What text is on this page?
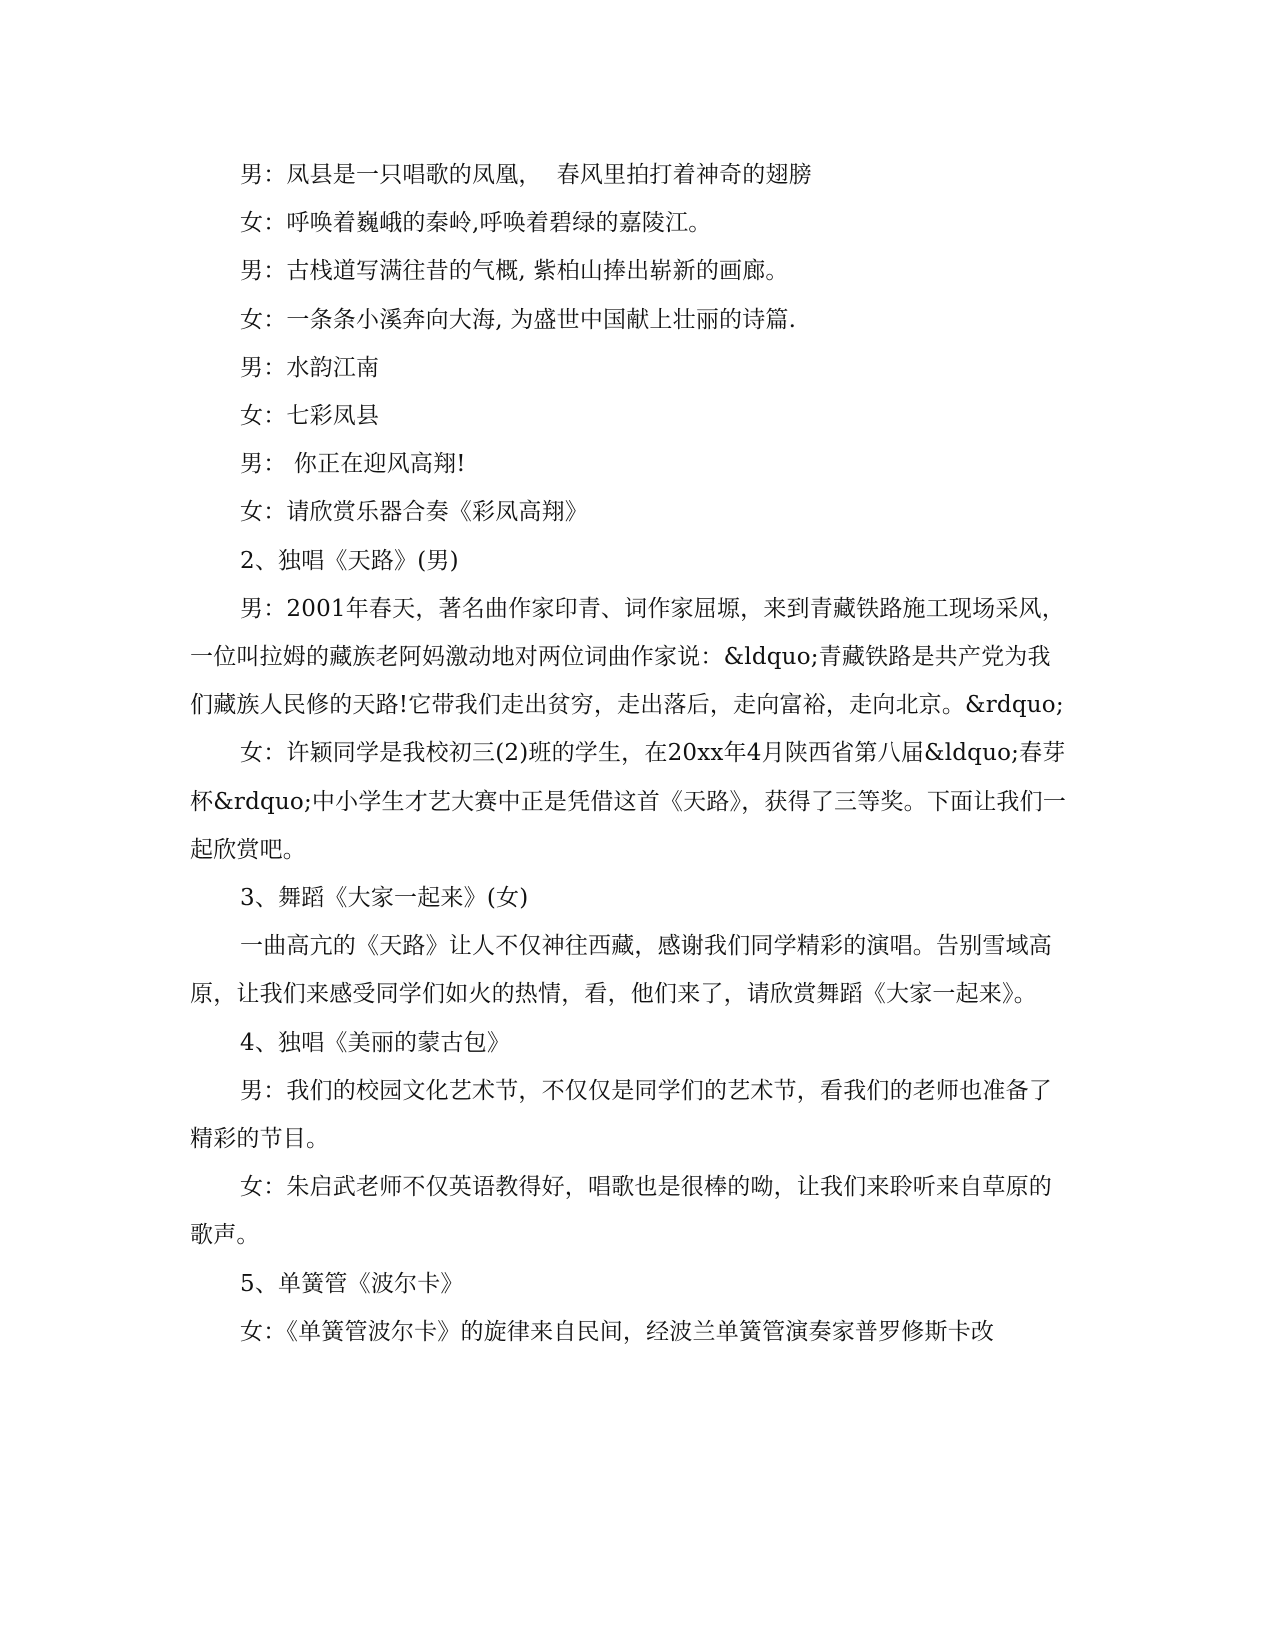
男：凤县是一只唱歌的凤凰，  春风里拍打着神奇的翅膀

女：呼唤着巍峨的秦岭,呼唤着碧绿的嘉陵江。

男：古栈道写满往昔的气概, 紫柏山捧出崭新的画廊。

女：一条条小溪奔向大海, 为盛世中国献上壮丽的诗篇.

男：水韵江南

女：七彩凤县

男： 你正在迎风高翔!

女：请欣赏乐器合奏《彩凤高翔》

2、独唱《天路》(男)

男：2001年春天，著名曲作家印青、词作家屈塬，来到青藏铁路施工现场采风，一位叫拉姆的藏族老阿妈激动地对两位词曲作家说：&ldquo;青藏铁路是共产党为我们藏族人民修的天路!它带我们走出贫穷，走出落后，走向富裕，走向北京。&rdquo;

女：许颖同学是我校初三(2)班的学生，在20xx年4月陕西省第八届&ldquo;春芽杯&rdquo;中小学生才艺大赛中正是凭借这首《天路》，获得了三等奖。下面让我们一起欣赏吧。

3、舞蹈《大家一起来》(女)

一曲高亢的《天路》让人不仅神往西藏，感谢我们同学精彩的演唱。告别雪域高原，让我们来感受同学们如火的热情，看，他们来了，请欣赏舞蹈《大家一起来》。

4、独唱《美丽的蒙古包》

男：我们的校园文化艺术节，不仅仅是同学们的艺术节，看我们的老师也准备了精彩的节目。

女：朱启武老师不仅英语教得好，唱歌也是很棒的呦，让我们来聆听来自草原的歌声。

5、单簧管《波尔卡》

女：《单簧管波尔卡》的旋律来自民间，经波兰单簧管演奏家普罗修斯卡改
